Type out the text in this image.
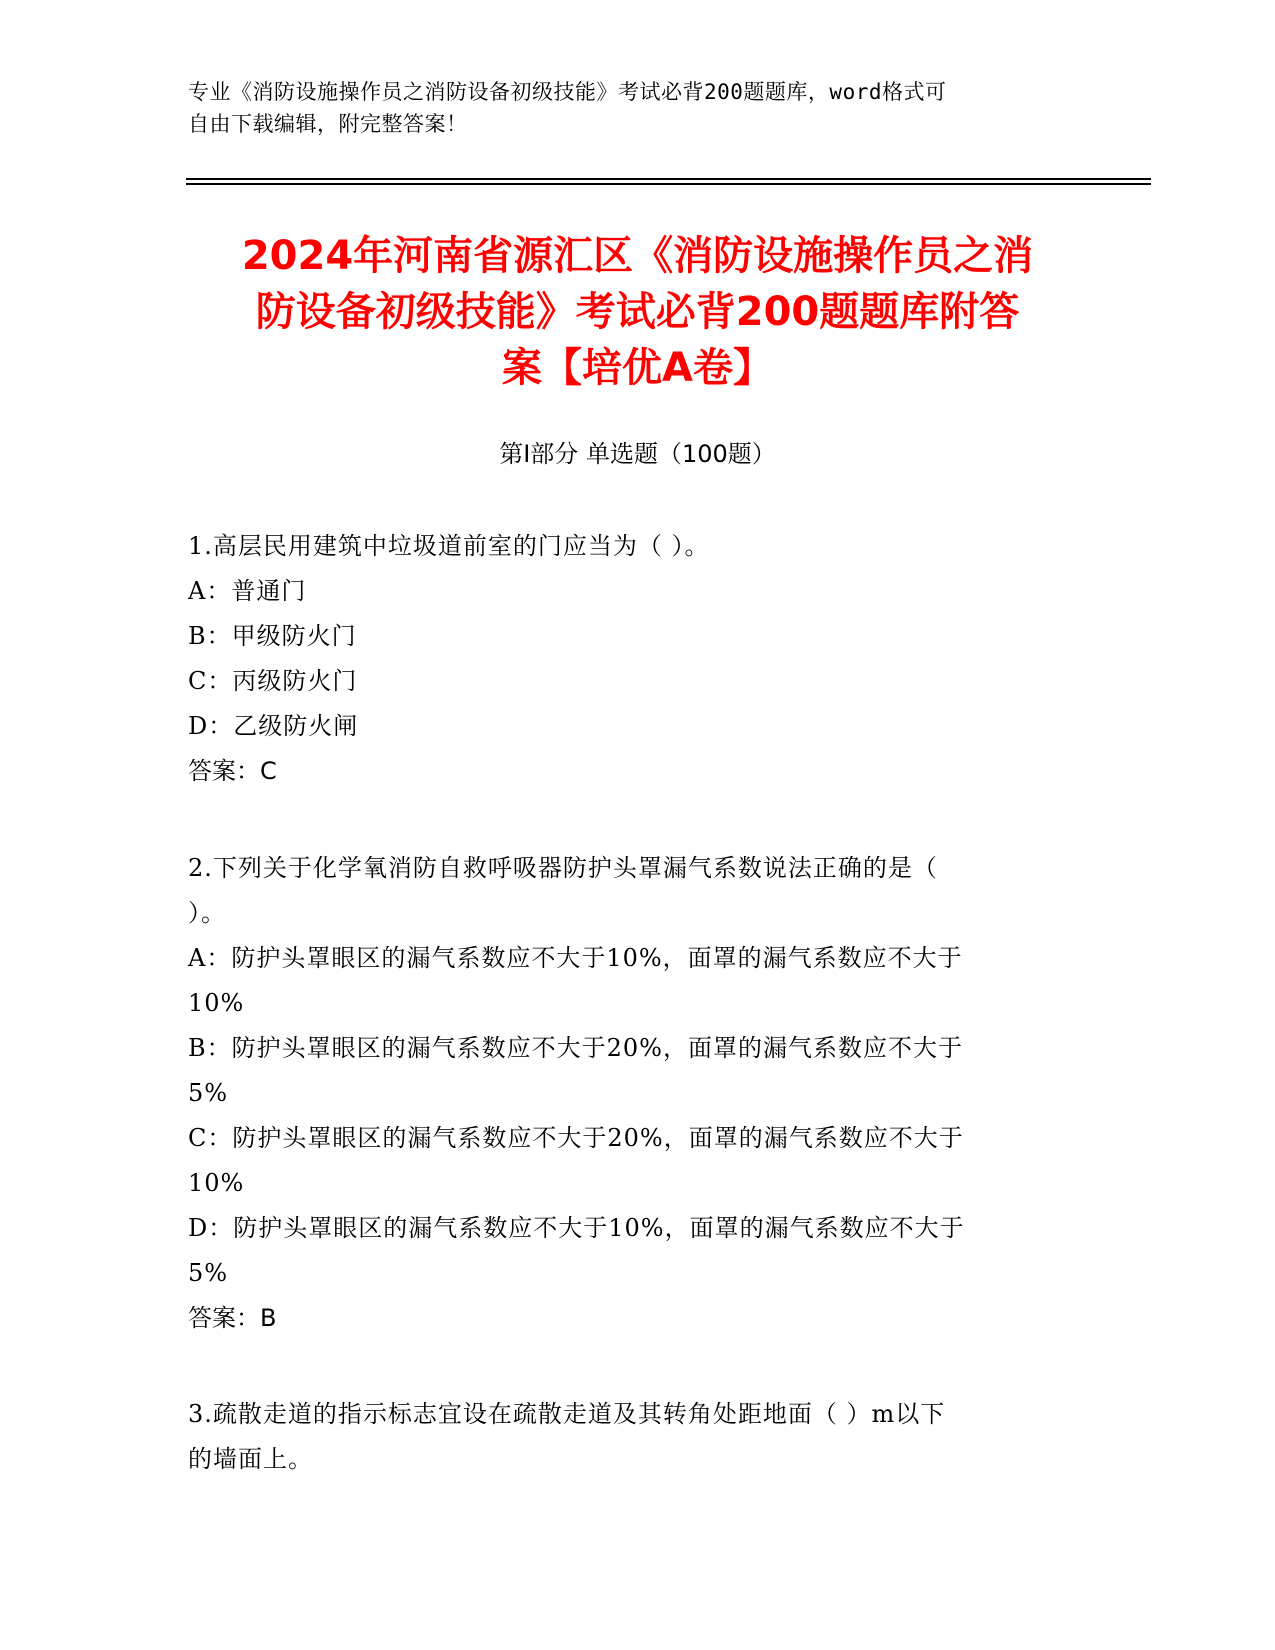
专业《消防设施操作员之消防设备初级技能》考试必背200题题库，word格式可
自由下载编辑，附完整答案！
2024年河南省源汇区《消防设施操作员之消
防设备初级技能》考试必背200题题库附答
案【培优A卷】
第I部分 单选题（100题）
1.高层民用建筑中垃圾道前室的门应当为（ ）。
A：普通门
B：甲级防火门
C：丙级防火门
D：乙级防火闸
答案：C
2.下列关于化学氧消防自救呼吸器防护头罩漏气系数说法正确的是（
）。
A：防护头罩眼区的漏气系数应不大于10%，面罩的漏气系数应不大于
10%
B：防护头罩眼区的漏气系数应不大于20%，面罩的漏气系数应不大于
5%
C：防护头罩眼区的漏气系数应不大于20%，面罩的漏气系数应不大于
10%
D：防护头罩眼区的漏气系数应不大于10%，面罩的漏气系数应不大于
5%
答案：B
3.疏散走道的指示标志宜设在疏散走道及其转角处距地面（ ）m以下
的墙面上。
